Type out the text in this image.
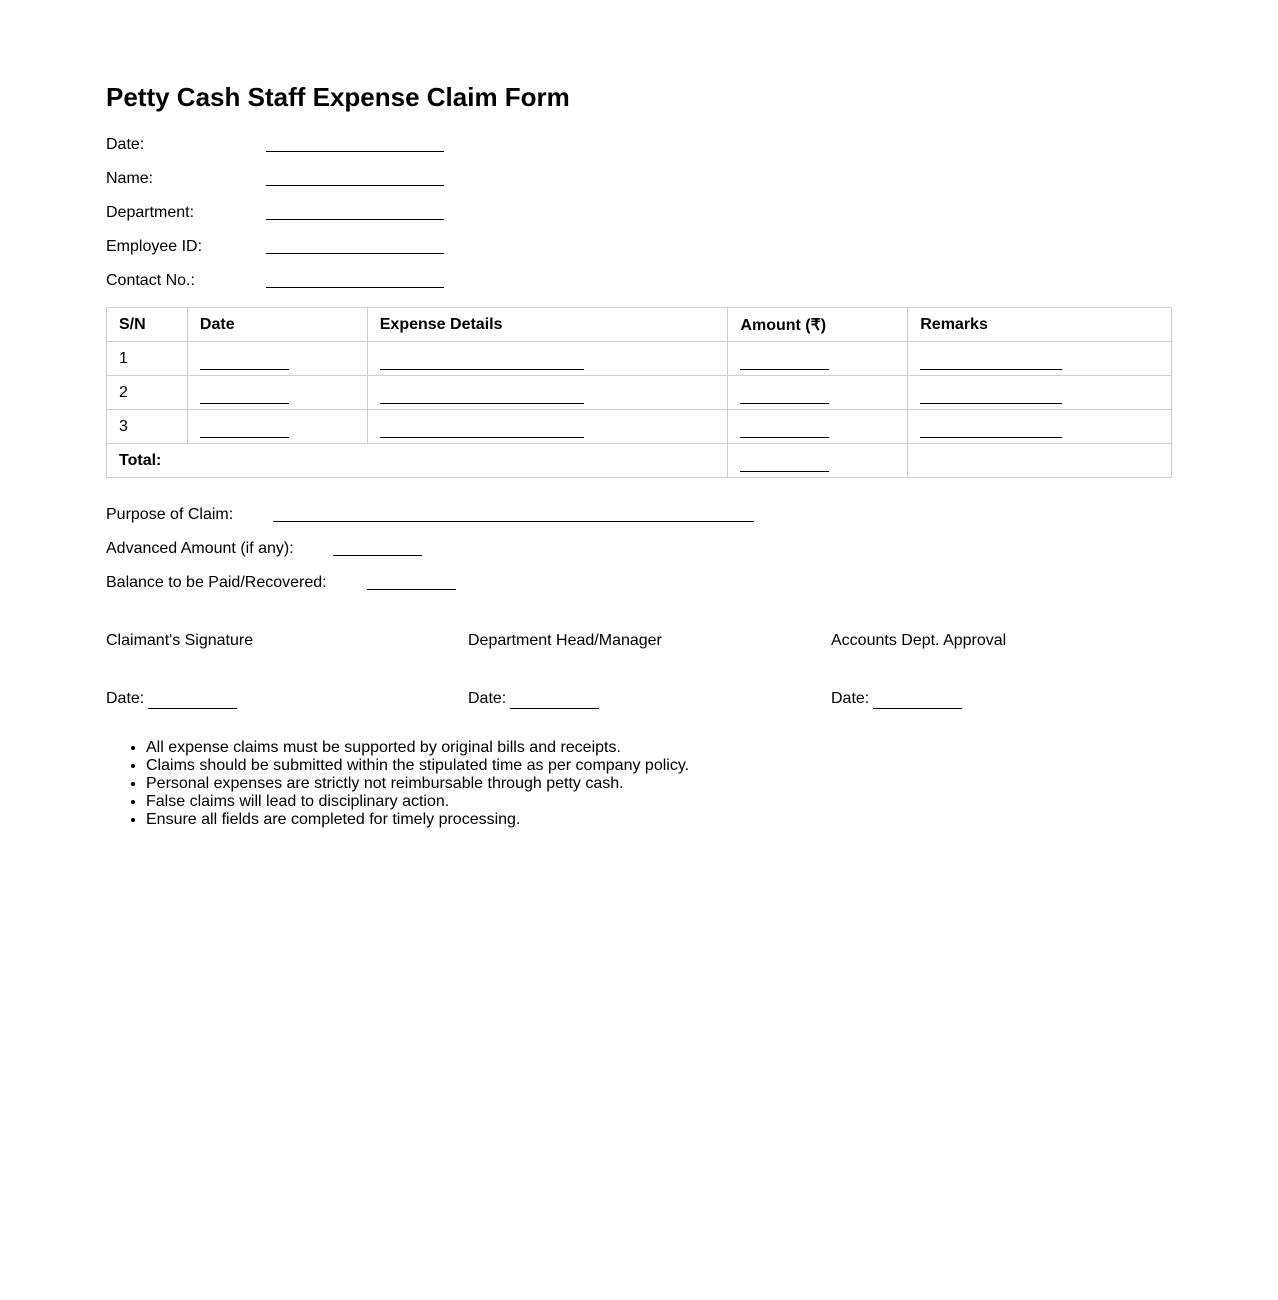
Petty Cash Staff Expense Claim Form
Date:
Name:
Department:
Employee ID:
Contact No.:
S/N	Date	Expense Details	Amount (₹)	Remarks
1				
2				
3				
Total:				
Purpose of Claim:
Advanced Amount (if any):
Balance to be Paid/Recovered:
Claimant's Signature
Date:
Department Head/Manager
Date:
Accounts Dept. Approval
Date:
• All expense claims must be supported by original bills and receipts.
• Claims should be submitted within the stipulated time as per company policy.
• Personal expenses are strictly not reimbursable through petty cash.
• False claims will lead to disciplinary action.
• Ensure all fields are completed for timely processing.
